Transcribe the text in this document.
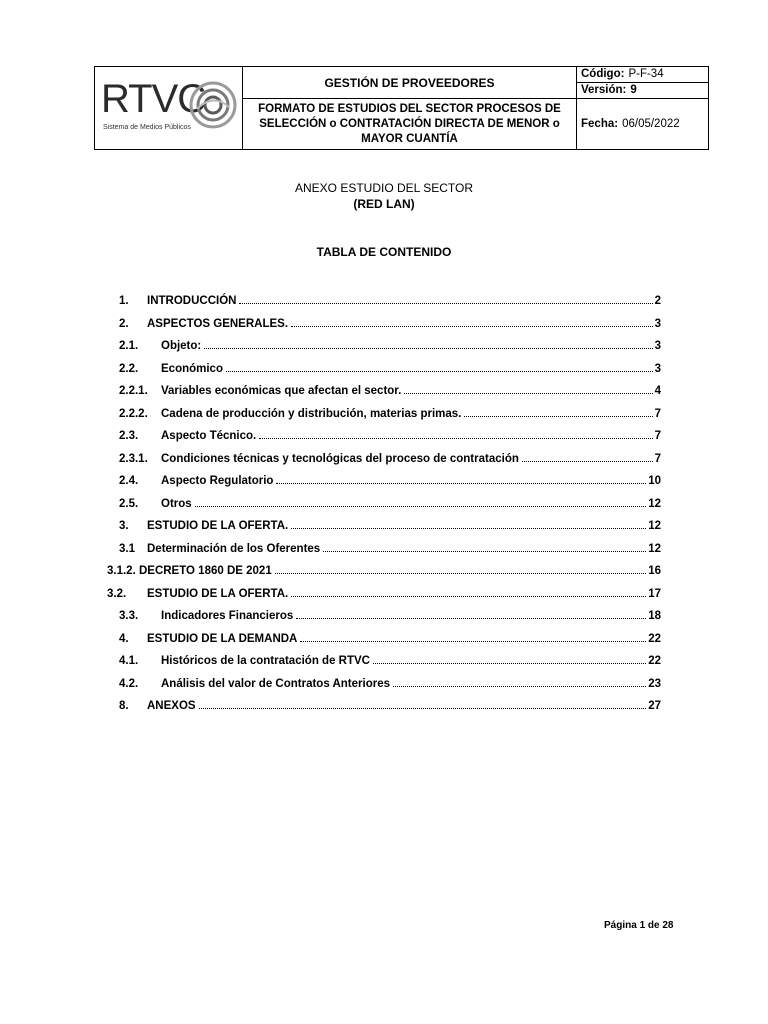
RTVC
Sistema de Medios Públicos
GESTIÓN DE PROVEEDORES
FORMATO DE ESTUDIOS DEL SECTOR PROCESOS DE SELECCIÓN o CONTRATACIÓN DIRECTA DE MENOR o MAYOR CUANTÍA
Código: P-F-34
Versión: 9
Fecha: 06/05/2022
ANEXO ESTUDIO DEL SECTOR
(RED LAN)
TABLA DE CONTENIDO
1. INTRODUCCIÓN	2
2. ASPECTOS GENERALES.	3
2.1. Objeto:	3
2.2. Económico	3
2.2.1. Variables económicas que afectan el sector.	4
2.2.2. Cadena de producción y distribución, materias primas.	7
2.3. Aspecto Técnico.	7
2.3.1. Condiciones técnicas y tecnológicas del proceso de contratación	7
2.4. Aspecto Regulatorio	10
2.5. Otros	12
3. ESTUDIO DE LA OFERTA.	12
3.1 Determinación de los Oferentes	12
3.1.2. DECRETO 1860 DE 2021	16
3.2. ESTUDIO DE LA OFERTA.	17
3.3. Indicadores Financieros	18
4. ESTUDIO DE LA DEMANDA	22
4.1. Históricos de la contratación de RTVC	22
4.2. Análisis del valor de Contratos Anteriores	23
8. ANEXOS	27
Página 1 de 28
